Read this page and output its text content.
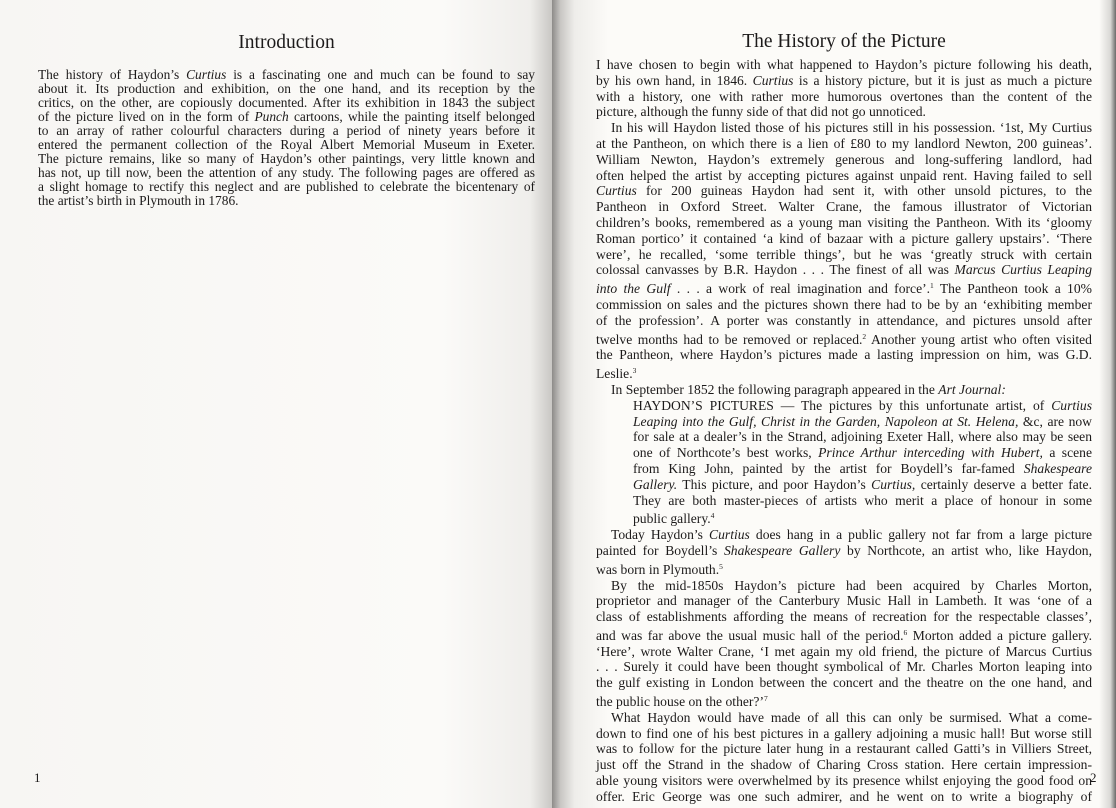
Introduction
The history of Haydon’s Curtius is a fascinating one and much can be found to say
about it. Its production and exhibition, on the one hand, and its reception by the
critics, on the other, are copiously documented. After its exhibition in 1843 the subject
of the picture lived on in the form of Punch cartoons, while the painting itself belonged
to an array of rather colourful characters during a period of ninety years before it
entered the permanent collection of the Royal Albert Memorial Museum in Exeter.
The picture remains, like so many of Haydon’s other paintings, very little known and
has not, up till now, been the attention of any study. The following pages are offered as
a slight homage to rectify this neglect and are published to celebrate the bicentenary of
the artist’s birth in Plymouth in 1786.
1
The History of the Picture
I have chosen to begin with what happened to Haydon’s picture following his death,
by his own hand, in 1846. Curtius is a history picture, but it is just as much a picture
with a history, one with rather more humorous overtones than the content of the
picture, although the funny side of that did not go unnoticed.
In his will Haydon listed those of his pictures still in his possession. ‘1st, My Curtius
at the Pantheon, on which there is a lien of £80 to my landlord Newton, 200 guineas’.
William Newton, Haydon’s extremely generous and long-suffering landlord, had
often helped the artist by accepting pictures against unpaid rent. Having failed to sell
Curtius for 200 guineas Haydon had sent it, with other unsold pictures, to the
Pantheon in Oxford Street. Walter Crane, the famous illustrator of Victorian
children’s books, remembered as a young man visiting the Pantheon. With its ‘gloomy
Roman portico’ it contained ‘a kind of bazaar with a picture gallery upstairs’. ‘There
were’, he recalled, ‘some terrible things’, but he was ‘greatly struck with certain
colossal canvasses by B.R. Haydon . . . The finest of all was Marcus Curtius Leaping
into the Gulf . . . a work of real imagination and force’.$^1$ The Pantheon took a 10%
commission on sales and the pictures shown there had to be by an ‘exhibiting member
of the profession’. A porter was constantly in attendance, and pictures unsold after
twelve months had to be removed or replaced.$^2$ Another young artist who often visited
the Pantheon, where Haydon’s pictures made a lasting impression on him, was G.D.
Leslie.$^3$
In September 1852 the following paragraph appeared in the Art Journal:
HAYDON’S PICTURES — The pictures by this unfortunate artist, of Curtius
Leaping into the Gulf, Christ in the Garden, Napoleon at St. Helena, &c, are now
for sale at a dealer’s in the Strand, adjoining Exeter Hall, where also may be seen
one of Northcote’s best works, Prince Arthur interceding with Hubert, a scene
from King John, painted by the artist for Boydell’s far-famed Shakespeare
Gallery. This picture, and poor Haydon’s Curtius, certainly deserve a better fate.
They are both master-pieces of artists who merit a place of honour in some
public gallery.$^4$
Today Haydon’s Curtius does hang in a public gallery not far from a large picture
painted for Boydell’s Shakespeare Gallery by Northcote, an artist who, like Haydon,
was born in Plymouth.$^5$
By the mid-1850s Haydon’s picture had been acquired by Charles Morton,
proprietor and manager of the Canterbury Music Hall in Lambeth. It was ‘one of a
class of establishments affording the means of recreation for the respectable classes’,
and was far above the usual music hall of the period.$^6$ Morton added a picture gallery.
‘Here’, wrote Walter Crane, ‘I met again my old friend, the picture of Marcus Curtius
. . . Surely it could have been thought symbolical of Mr. Charles Morton leaping into
the gulf existing in London between the concert and the theatre on the one hand, and
the public house on the other?’$^7$
What Haydon would have made of all this can only be surmised. What a come-
down to find one of his best pictures in a gallery adjoining a music hall! But worse still
was to follow for the picture later hung in a restaurant called Gatti’s in Villiers Street,
just off the Strand in the shadow of Charing Cross station. Here certain impression-
able young visitors were overwhelmed by its presence whilst enjoying the good food on
offer. Eric George was one such admirer, and he went on to write a biography of
2
